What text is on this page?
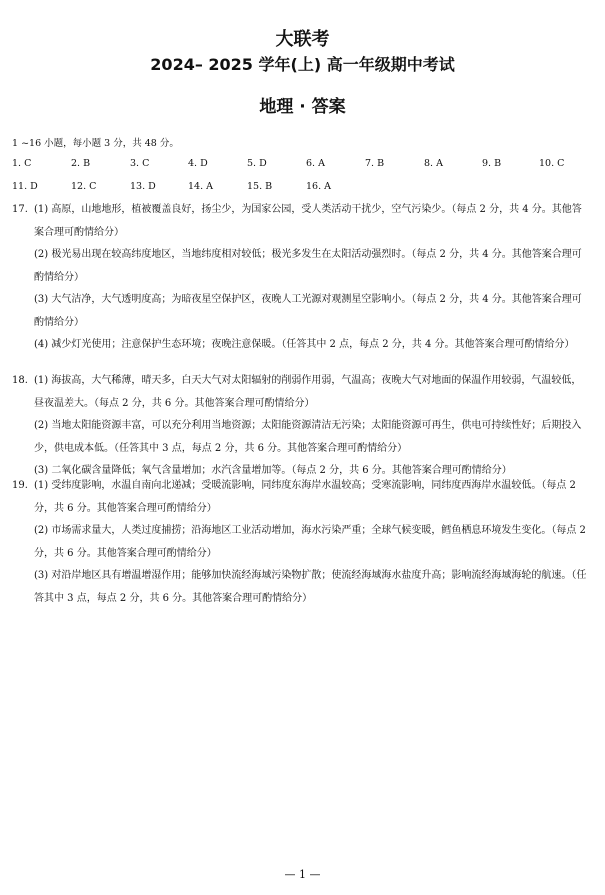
大联考
2024– 2025 学年(上) 高一年级期中考试
地理 · 答案
1 ~16 小题，每小题 3 分，共 48 分。
1. C	2. B	3. C	4. D	5. D	6. A	7. B	8. A	9. B	10. C
11. D	12. C	13. D	14. A	15. B	16. A
17. (1) 高原，山地地形，植被覆盖良好，扬尘少，为国家公园，受人类活动干扰少，空气污染少。（每点 2 分，共 4 分。其他答案合理可酌情给分）
(2) 极光易出现在较高纬度地区，当地纬度相对较低；极光多发生在太阳活动强烈时。（每点 2 分，共 4 分。其他答案合理可酌情给分）
(3) 大气洁净，大气透明度高；为暗夜星空保护区，夜晚人工光源对观测星空影响小。（每点 2 分，共 4 分。其他答案合理可酌情给分）
(4) 减少灯光使用；注意保护生态环境；夜晚注意保暖。（任答其中 2 点，每点 2 分，共 4 分。其他答案合理可酌情给分）
18. (1) 海拔高，大气稀薄，晴天多，白天大气对太阳辐射的削弱作用弱，气温高；夜晚大气对地面的保温作用较弱，气温较低，昼夜温差大。（每点 2 分，共 6 分。其他答案合理可酌情给分）
(2) 当地太阳能资源丰富，可以充分利用当地资源；太阳能资源清洁无污染；太阳能资源可再生，供电可持续性好；后期投入少，供电成本低。（任答其中 3 点，每点 2 分，共 6 分。其他答案合理可酌情给分）
(3) 二氧化碳含量降低；氧气含量增加；水汽含量增加等。（每点 2 分，共 6 分。其他答案合理可酌情给分）
19. (1) 受纬度影响，水温自南向北递减；受暖流影响，同纬度东海岸水温较高；受寒流影响，同纬度西海岸水温较低。（每点 2 分，共 6 分。其他答案合理可酌情给分）
(2) 市场需求量大，人类过度捕捞；沿海地区工业活动增加，海水污染严重；全球气候变暖，鳕鱼栖息环境发生变化。（每点 2 分，共 6 分。其他答案合理可酌情给分）
(3) 对沿岸地区具有增温增湿作用；能够加快流经海域污染物扩散；使流经海域海水盐度升高；影响流经海域海轮的航速。（任答其中 3 点，每点 2 分，共 6 分。其他答案合理可酌情给分）
— 1 —
